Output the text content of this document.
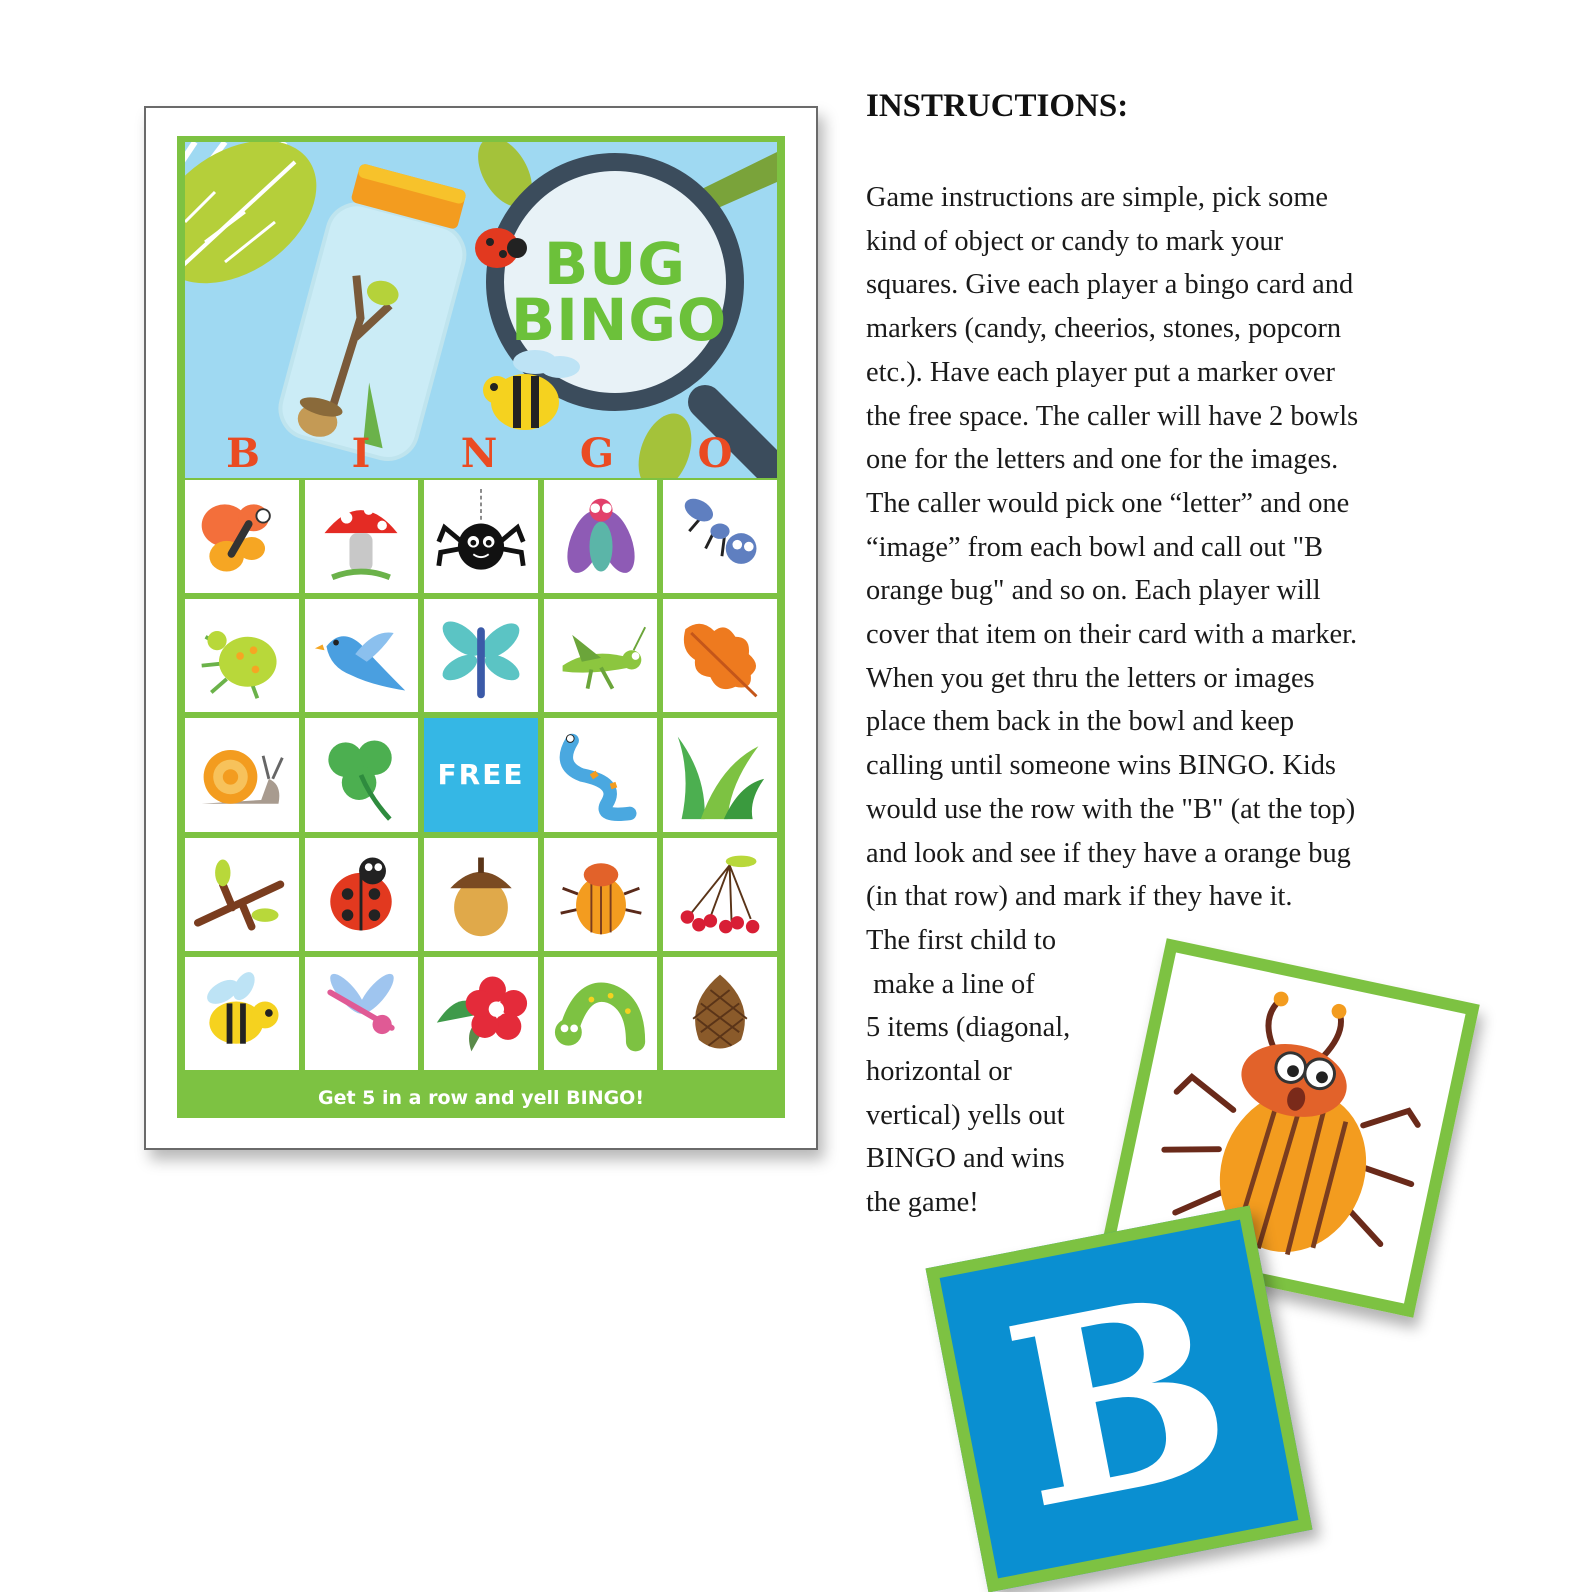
BUG
BINGO
B	I	N	G	O
FREE
Get 5 in a row and yell BINGO!
INSTRUCTIONS:
Game instructions are simple, pick some
kind of object or candy to mark your
squares. Give each player a bingo card and
markers (candy, cheerios, stones, popcorn
etc.). Have each player put a marker over
the free space. The caller will have 2 bowls
one for the letters and one for the images.
The caller would pick one “letter” and one
“image” from each bowl and call out "B
orange bug" and so on. Each player will
cover that item on their card with a marker.
When you get thru the letters or images
place them back in the bowl and keep
calling until someone wins BINGO. Kids
would use the row with the "B" (at the top)
and look and see if they have a orange bug
(in that row) and mark if they have it.
The first child to
make a line of
5 items (diagonal,
horizontal or
vertical) yells out
BINGO and wins
the game!
B
